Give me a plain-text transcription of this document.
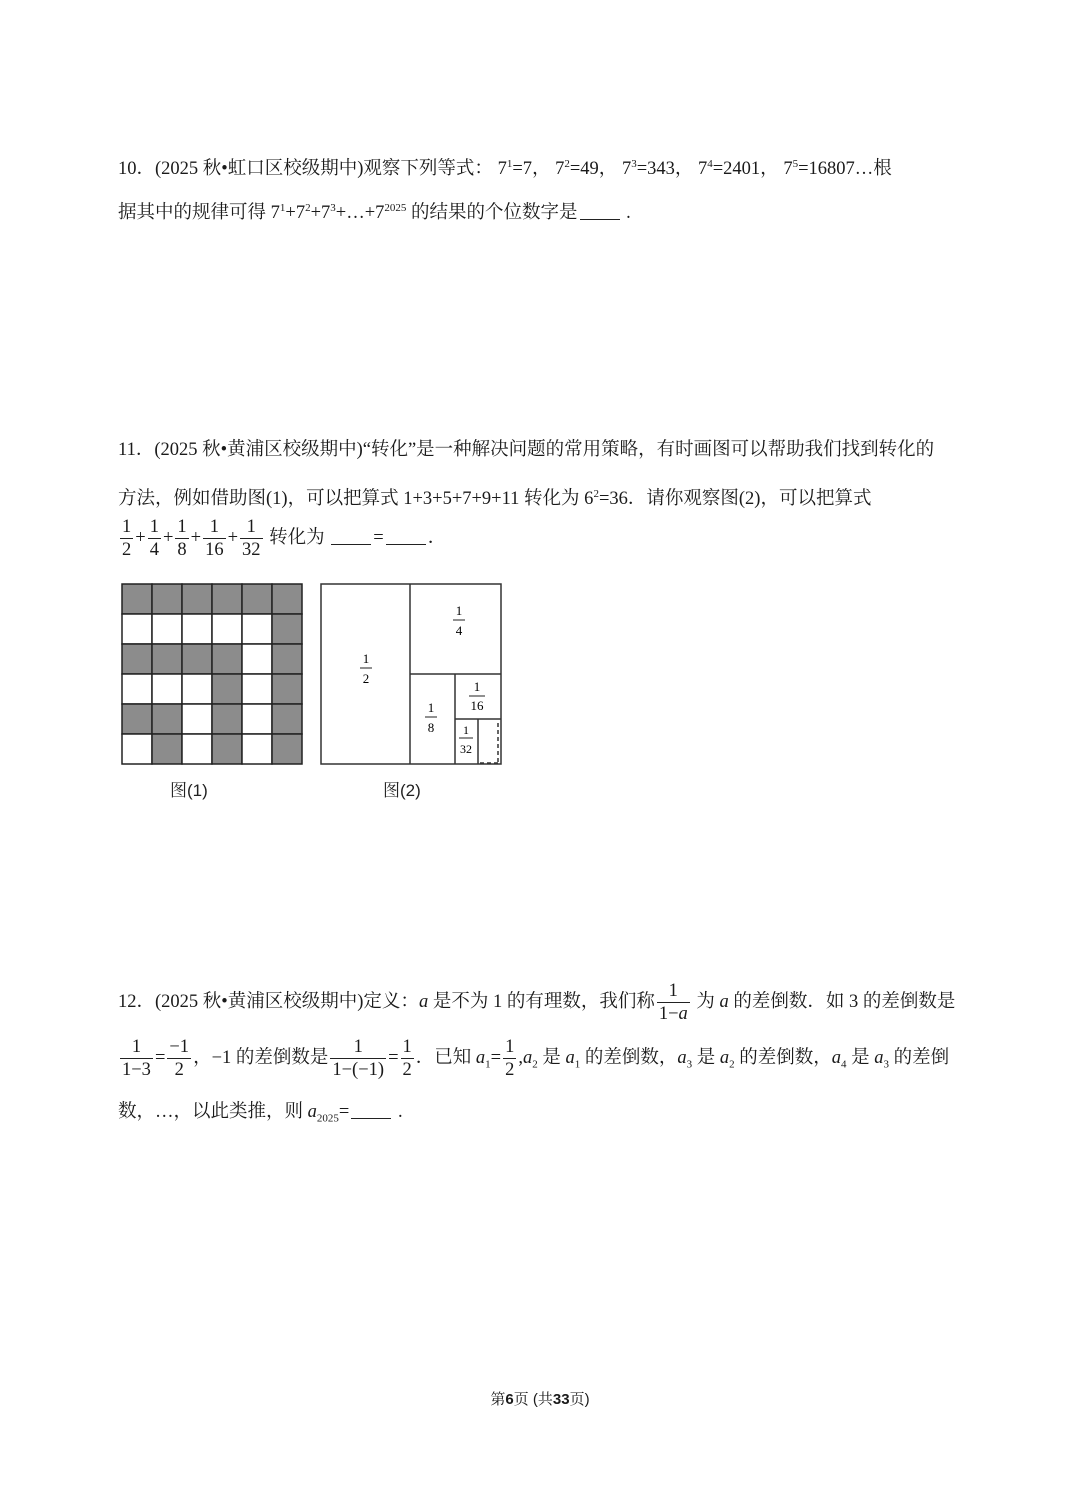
10．(2025 秋•虹口区校级期中)观察下列等式： $7^1=7$， $7^2=49$， $7^3=343$， $7^4=2401$， $7^5=16807\dots$根
据其中的规律可得 $7^1+7^2+7^3+\dots+7^{2025}$ 的结果的个位数字是 .
11．(2025 秋•黄浦区校级期中)“转化”是一种解决问题的常用策略，有时画图可以帮助我们找到转化的
方法，例如借助图(1)，可以把算式 1+3+5+7+9+11 转化为 $6^2=36$．请你观察图(2)，可以把算式
$\frac{1}{2} + \frac{1}{4} + \frac{1}{8} + \frac{1}{16} + \frac{1}{32}$ 转化为 = ．
图(1)
1
2
1
4
1
8
1
16
1
32
图(2)
12．(2025 秋•黄浦区校级期中)定义：a 是不为 1 的有理数，我们称 $\frac{1}{1-a}$ 为 a 的差倒数．如 3 的差倒数是
$\frac{1}{1-3} = \frac{-1}{2}$ ，−1 的差倒数是 $\frac{1}{1-(-1)} = \frac{1}{2}$ ．已知 $a_1= \frac{1}{2} ,a_2$ 是 $a_1$ 的差倒数，$a_3$ 是 $a_2$ 的差倒数，$a_4$ 是 $a_3$ 的差倒
数，…，以此类推，则 $a_{2025}=$ .
第6页 (共33页)
